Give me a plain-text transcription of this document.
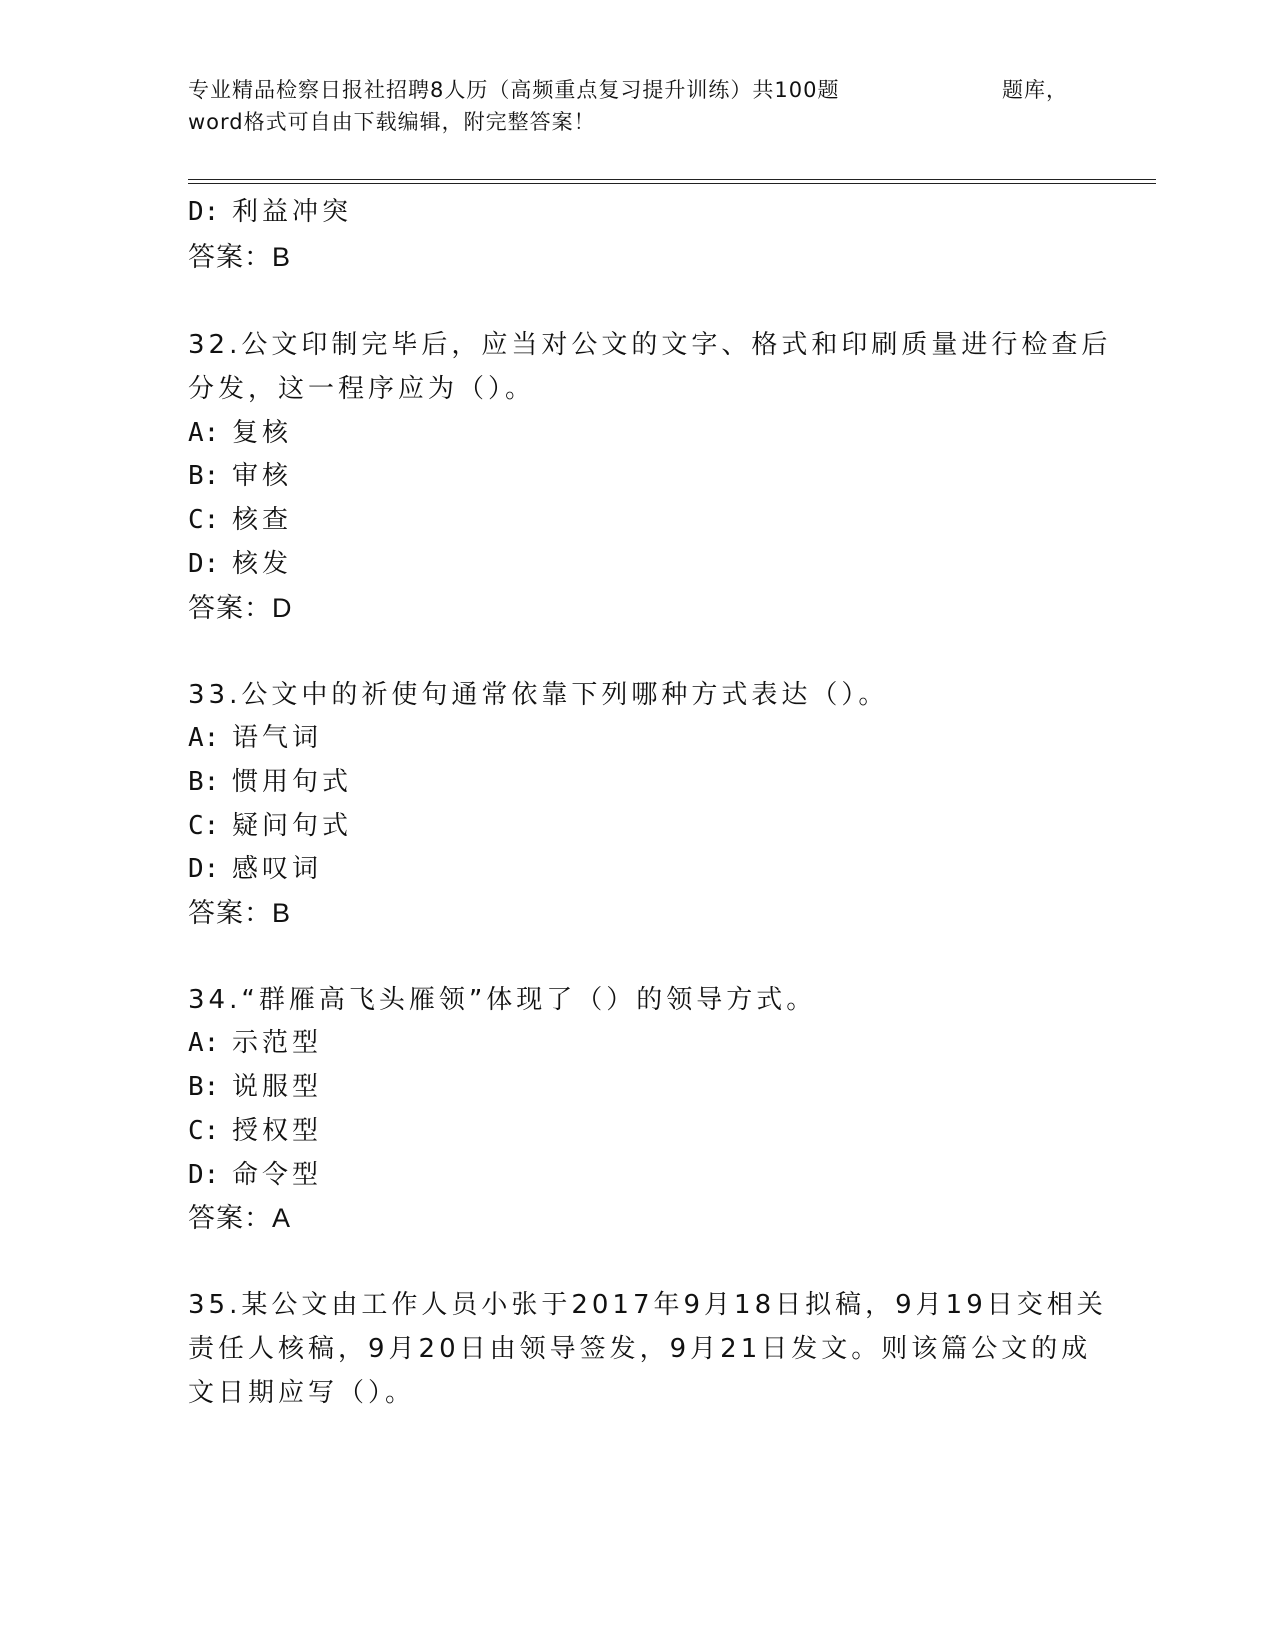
专业精品检察日报社招聘8人历（高频重点复习提升训练）共100题	题库，
word格式可自由下载编辑，附完整答案！
D: 利益冲突
答案：B
32.公文印制完毕后，应当对公文的文字、格式和印刷质量进行检查后
分发，这一程序应为（）。
A: 复核
B: 审核
C: 核查
D: 核发
答案：D
33.公文中的祈使句通常依靠下列哪种方式表达（）。
A: 语气词
B: 惯用句式
C: 疑问句式
D: 感叹词
答案：B
34.“群雁高飞头雁领”体现了（）的领导方式。
A: 示范型
B: 说服型
C: 授权型
D: 命令型
答案：A
35.某公文由工作人员小张于2017年9月18日拟稿，9月19日交相关
责任人核稿，9月20日由领导签发，9月21日发文。则该篇公文的成
文日期应写（）。
